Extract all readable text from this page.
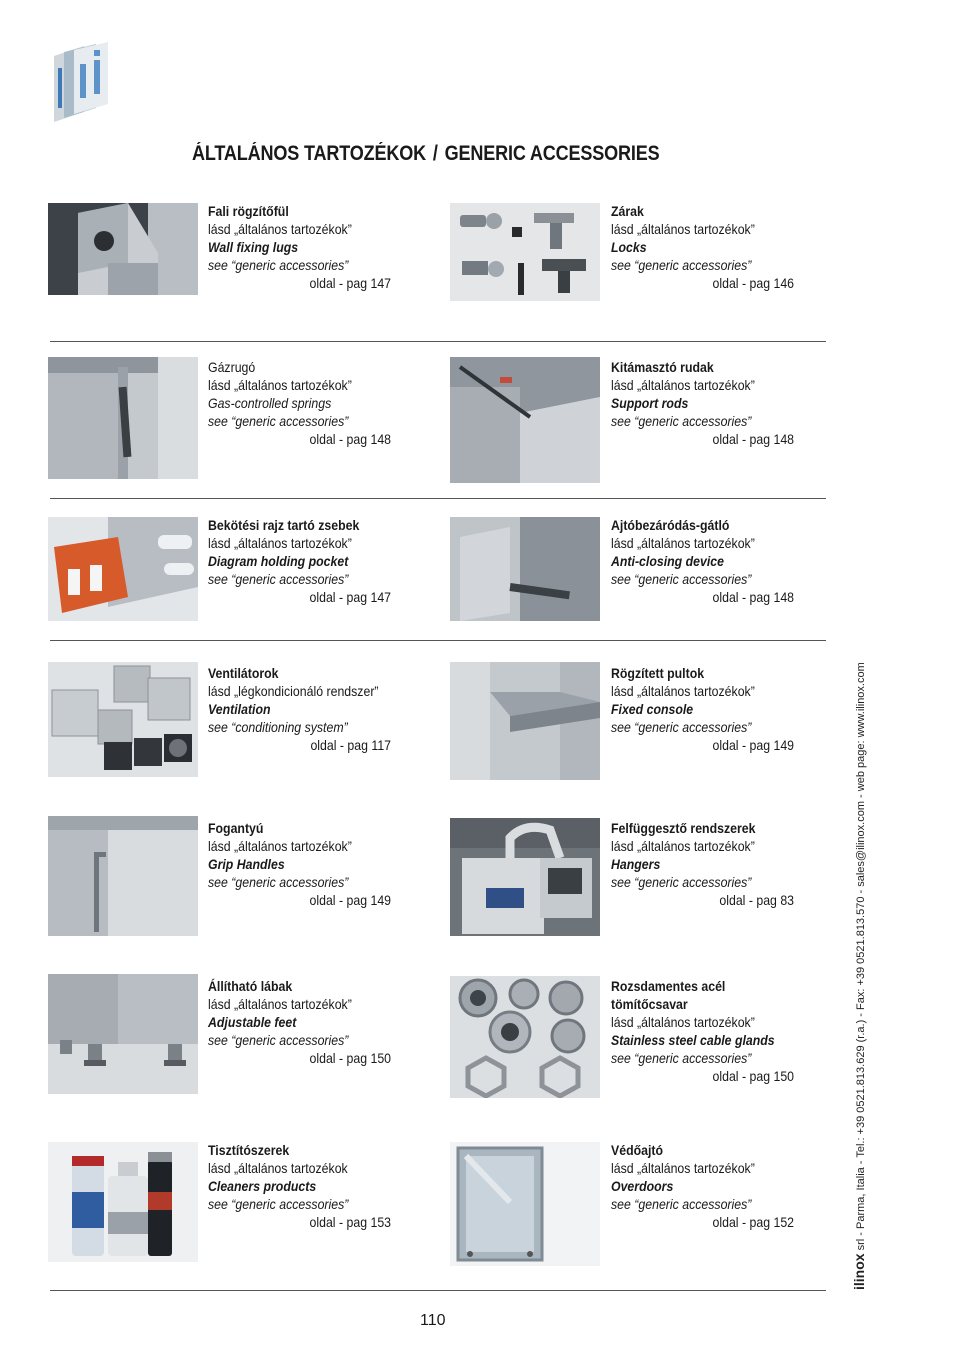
ÁLTALÁNOS TARTOZÉKOK / GENERIC ACCESSORIES
Fali rögzítőfül
lásd „általános tartozékok”
Wall fixing lugs
see “generic accessories”
oldal - pag 147
Zárak
lásd „általános tartozékok”
Locks
see “generic accessories”
oldal - pag 146
Gázrugó
lásd „általános tartozékok”
Gas-controlled springs
see “generic accessories”
oldal - pag 148
Kitámasztó rudak
lásd „általános tartozékok”
Support rods
see “generic accessories”
oldal - pag 148
Bekötési rajz tartó zsebek
lásd „általános tartozékok”
Diagram holding pocket
see “generic accessories”
oldal - pag 147
Ajtóbezáródás-gátló
lásd „általános tartozékok”
Anti-closing device
see “generic accessories”
oldal - pag 148
Ventilátorok
lásd „légkondicionáló rendszer”
Ventilation
see “conditioning system”
oldal - pag 117
Rögzített pultok
lásd „általános tartozékok”
Fixed console
see “generic accessories”
oldal - pag 149
Fogantyú
lásd „általános tartozékok”
Grip Handles
see “generic accessories”
oldal - pag 149
Felfüggesztő rendszerek
lásd „általános tartozékok”
Hangers
see “generic accessories”
oldal - pag 83
Állítható lábak
lásd „általános tartozékok”
Adjustable feet
see “generic accessories”
oldal - pag 150
Rozsdamentes acél tömítőcsavar
lásd „általános tartozékok”
Stainless steel cable glands
see “generic accessories”
oldal - pag 150
Tisztítószerek
lásd „általános tartozékok
Cleaners products
see “generic accessories”
oldal - pag 153
Védőajtó
lásd „általános tartozékok”
Overdoors
see “generic accessories”
oldal - pag 152
ilinox srl - Parma, Italia - Tel.: +39 0521.813.629 (r.a.) - Fax: +39 0521.813.570 - sales@ilinox.com - web page: www.ilinox.com
110
